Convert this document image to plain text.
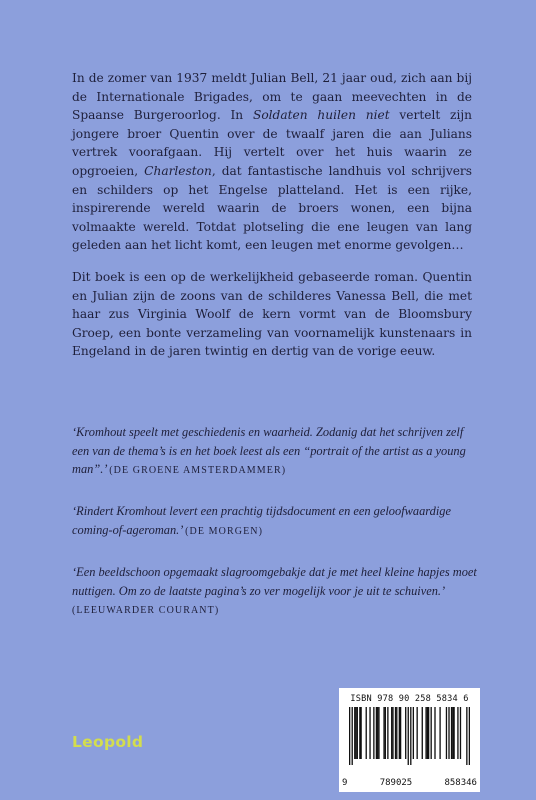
In de zomer van 1937 meldt Julian Bell, 21 jaar oud, zich aan bij de Internationale Brigades, om te gaan meevechten in de Spaanse Burgeroorlog. In Soldaten huilen niet vertelt zijn jongere broer Quentin over de twaalf jaren die aan Julians vertrek voorafgaan. Hij vertelt over het huis waarin ze opgroeien, Charleston, dat fantastische landhuis vol schrijvers en schilders op het Engelse platteland. Het is een rijke, inspirerende wereld waarin de broers wonen, een bijna volmaakte wereld. Totdat plotseling die ene leugen van lang geleden aan het licht komt, een leugen met enorme gevolgen…

Dit boek is een op de werkelijkheid gebaseerde roman. Quentin en Julian zijn de zoons van de schilderes Vanessa Bell, die met haar zus Virginia Woolf de kern vormt van de Bloomsbury Groep, een bonte verzameling van voornamelijk kunstenaars in Engeland in de jaren twintig en dertig van de vorige eeuw.

‘Kromhout speelt met geschiedenis en waarheid. Zodanig dat het schrijven zelf een van de thema’s is en het boek leest als een “portrait of the artist as a young man”.’ (DE GROENE AMSTERDAMMER)
‘Rindert Kromhout levert een prachtig tijdsdocument en een geloofwaardige coming-of-ageroman.’ (DE MORGEN)
‘Een beeldschoon opgemaakt slagroomgebakje dat je met heel kleine hapjes moet nuttigen. Om zo de laatste pagina’s zo ver mogelijk voor je uit te schuiven.’ (LEEUWARDER COURANT)
Leopold
ISBN 978 90 258 5834 6
9	789025	858346
